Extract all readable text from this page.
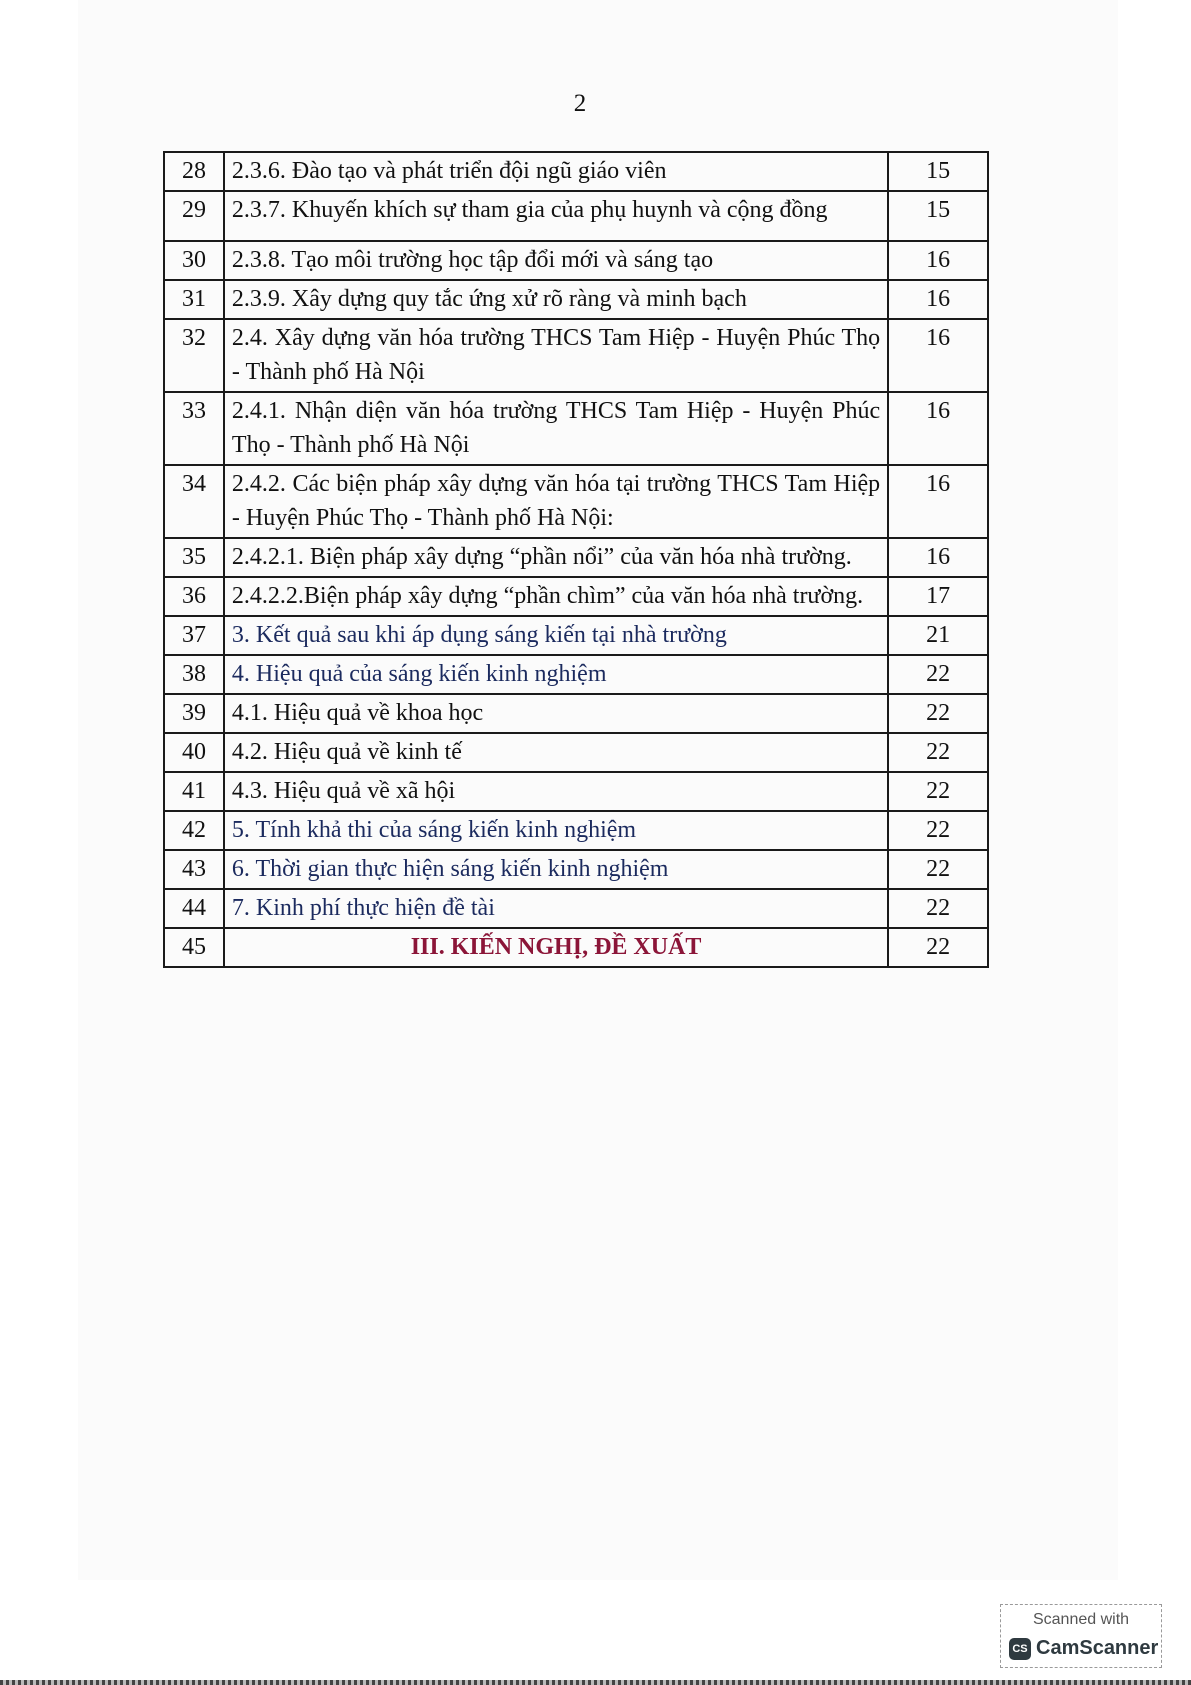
2
28	2.3.6. Đào tạo và phát triển đội ngũ giáo viên	15
29	2.3.7. Khuyến khích sự tham gia của phụ huynh và cộng đồng	15
30	2.3.8. Tạo môi trường học tập đổi mới và sáng tạo	16
31	2.3.9. Xây dựng quy tắc ứng xử rõ ràng và minh bạch	16
32	2.4. Xây dựng văn hóa trường THCS Tam Hiệp - Huyện Phúc Thọ - Thành phố Hà Nội	16
33	2.4.1. Nhận diện văn hóa trường THCS Tam Hiệp - Huyện Phúc Thọ - Thành phố Hà Nội	16
34	2.4.2. Các biện pháp xây dựng văn hóa tại trường THCS Tam Hiệp - Huyện Phúc Thọ - Thành phố Hà Nội:	16
35	2.4.2.1. Biện pháp xây dựng “phần nổi” của văn hóa nhà trường.	16
36	2.4.2.2.Biện pháp xây dựng “phần chìm” của văn hóa nhà trường.	17
37	3. Kết quả sau khi áp dụng sáng kiến tại nhà trường	21
38	4. Hiệu quả của sáng kiến kinh nghiệm	22
39	4.1. Hiệu quả về khoa học	22
40	4.2. Hiệu quả về kinh tế	22
41	4.3. Hiệu quả về xã hội	22
42	5. Tính khả thi của sáng kiến kinh nghiệm	22
43	6. Thời gian thực hiện sáng kiến kinh nghiệm	22
44	7. Kinh phí thực hiện đề tài	22
45	III. KIẾN NGHỊ, ĐỀ XUẤT	22
Scanned with
CS CamScanner
